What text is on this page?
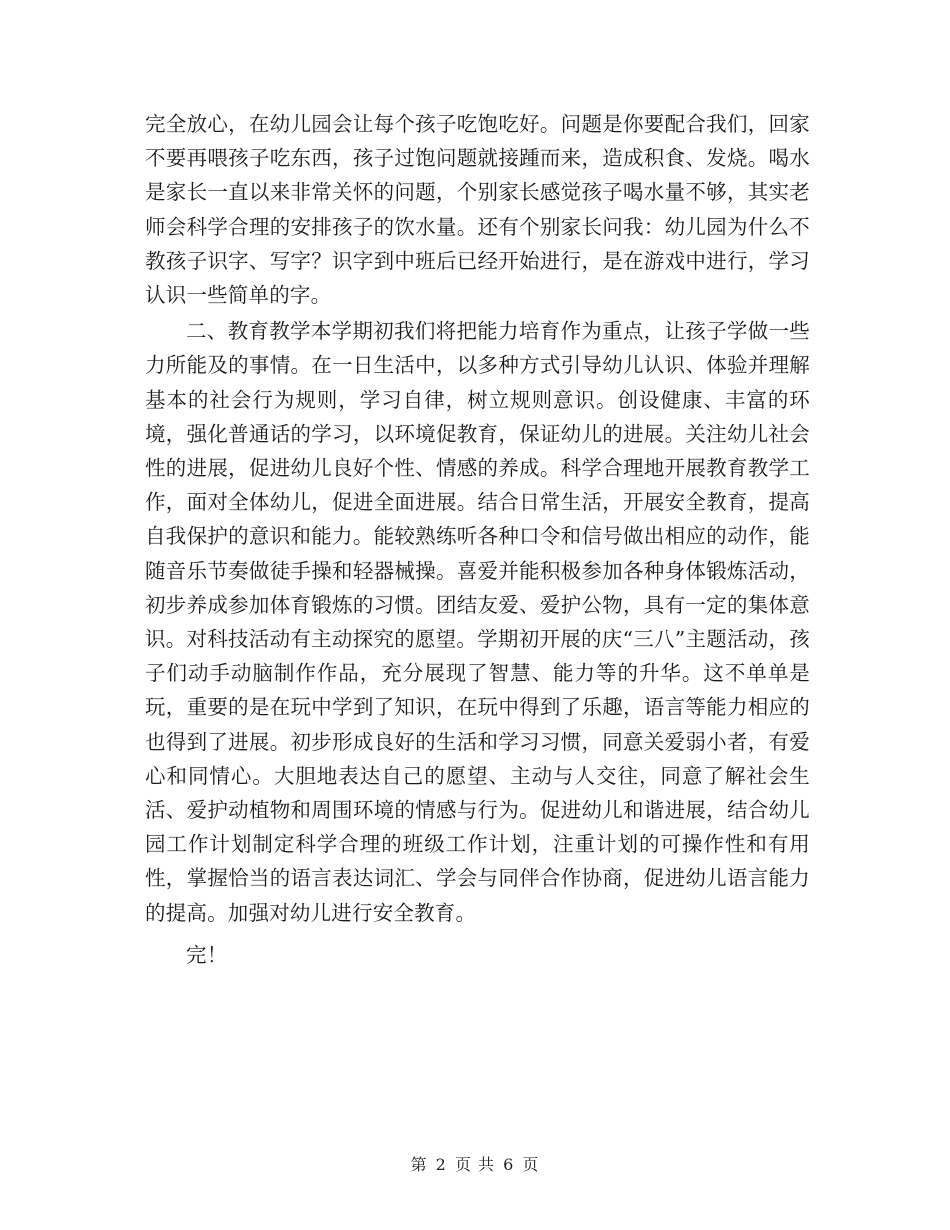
完全放心，在幼儿园会让每个孩子吃饱吃好。问题是你要配合我们，回家不要再喂孩子吃东西，孩子过饱问题就接踵而来，造成积食、发烧。喝水是家长一直以来非常关怀的问题，个别家长感觉孩子喝水量不够，其实老师会科学合理的安排孩子的饮水量。还有个别家长问我：幼儿园为什么不教孩子识字、写字？识字到中班后已经开始进行，是在游戏中进行，学习认识一些简单的字。

二、教育教学本学期初我们将把能力培育作为重点，让孩子学做一些力所能及的事情。在一日生活中，以多种方式引导幼儿认识、体验并理解基本的社会行为规则，学习自律，树立规则意识。创设健康、丰富的环境，强化普通话的学习，以环境促教育，保证幼儿的进展。关注幼儿社会性的进展，促进幼儿良好个性、情感的养成。科学合理地开展教育教学工作，面对全体幼儿，促进全面进展。结合日常生活，开展安全教育，提高自我保护的意识和能力。能较熟练听各种口令和信号做出相应的动作，能随音乐节奏做徒手操和轻器械操。喜爱并能积极参加各种身体锻炼活动，初步养成参加体育锻炼的习惯。团结友爱、爱护公物，具有一定的集体意识。对科技活动有主动探究的愿望。学期初开展的庆“三八”主题活动，孩子们动手动脑制作作品，充分展现了智慧、能力等的升华。这不单单是玩，重要的是在玩中学到了知识，在玩中得到了乐趣，语言等能力相应的也得到了进展。初步形成良好的生活和学习习惯，同意关爱弱小者，有爱心和同情心。大胆地表达自己的愿望、主动与人交往，同意了解社会生活、爱护动植物和周围环境的情感与行为。促进幼儿和谐进展，结合幼儿园工作计划制定科学合理的班级工作计划，注重计划的可操作性和有用性，掌握恰当的语言表达词汇、学会与同伴合作协商，促进幼儿语言能力的提高。加强对幼儿进行安全教育。

完！

第 2 页 共 6 页
